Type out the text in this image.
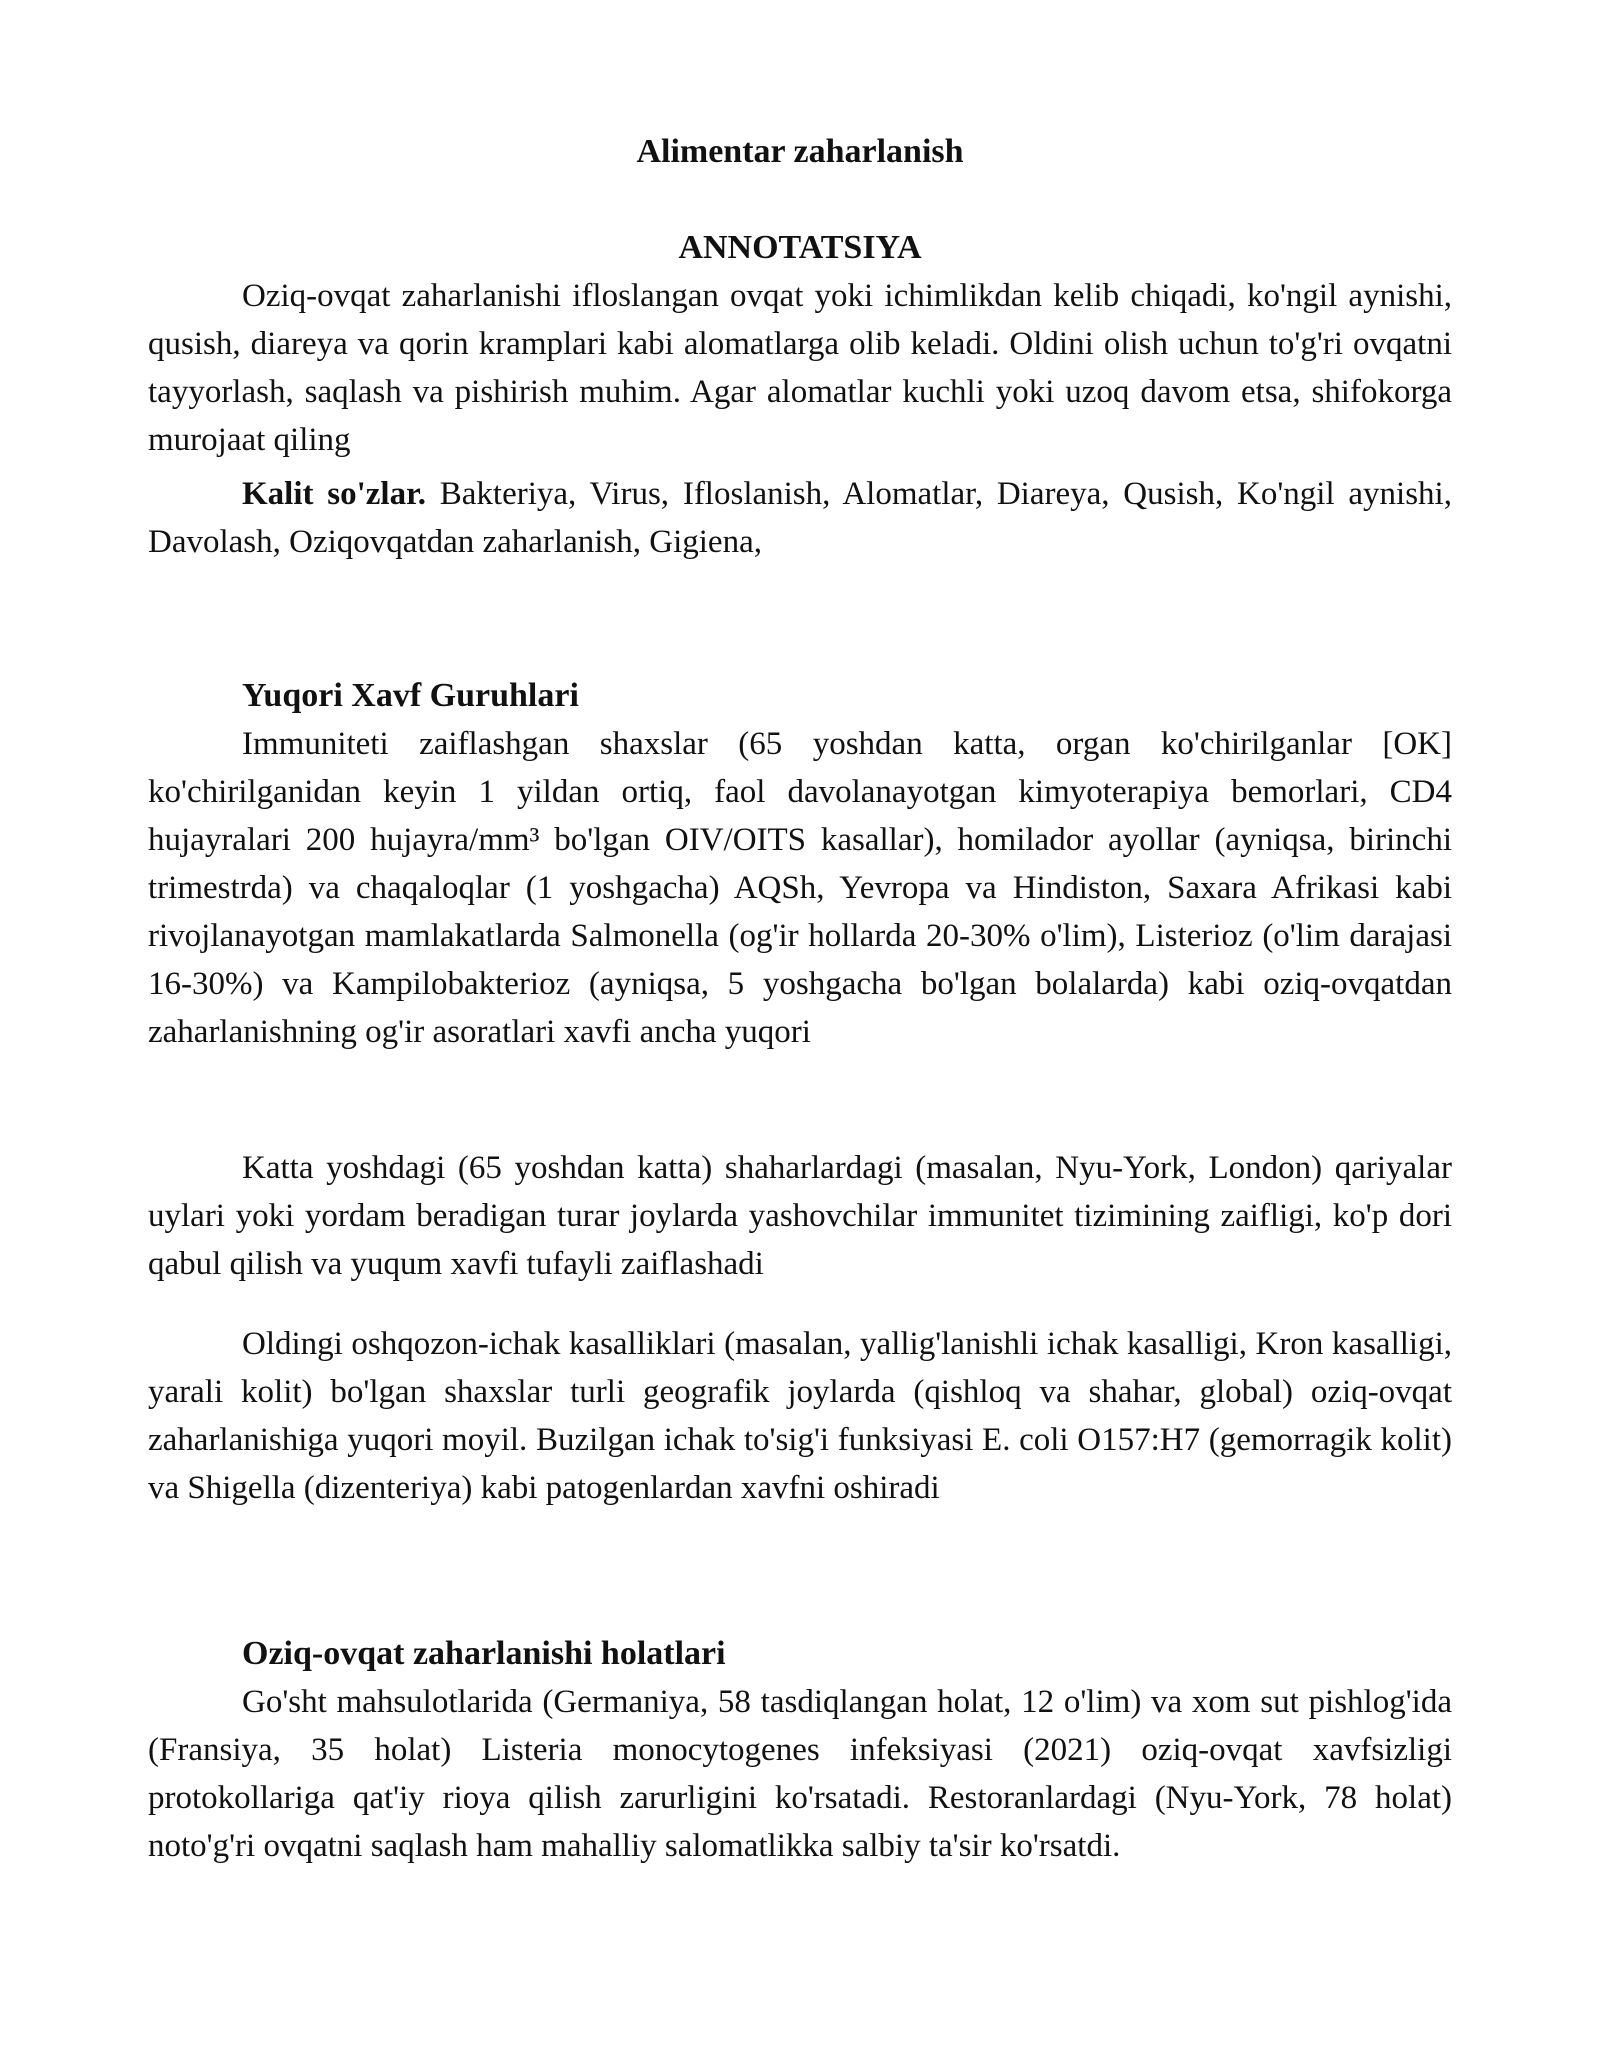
Alimentar zaharlanish

ANNOTATSIYA

Oziq-ovqat zaharlanishi ifloslangan ovqat yoki ichimlikdan kelib chiqadi, ko'ngil aynishi, qusish, diareya va qorin kramplari kabi alomatlarga olib keladi. Oldini olish uchun to'g'ri ovqatni tayyorlash, saqlash va pishirish muhim. Agar alomatlar kuchli yoki uzoq davom etsa, shifokorga murojaat qiling

Kalit so'zlar. Bakteriya, Virus, Ifloslanish, Alomatlar, Diareya, Qusish, Ko'ngil aynishi, Davolash, Oziqovqatdan zaharlanish, Gigiena,

Yuqori Xavf Guruhlari

Immuniteti zaiflashgan shaxslar (65 yoshdan katta, organ ko'chirilganlar [OK] ko'chirilganidan keyin 1 yildan ortiq, faol davolanayotgan kimyoterapiya bemorlari, CD4 hujayralari 200 hujayra/mm³ bo'lgan OIV/OITS kasallar), homilador ayollar (ayniqsa, birinchi trimestrda) va chaqaloqlar (1 yoshgacha) AQSh, Yevropa va Hindiston, Saxara Afrikasi kabi rivojlanayotgan mamlakatlarda Salmonella (og'ir hollarda 20-30% o'lim), Listerioz (o'lim darajasi 16-30%) va Kampilobakterioz (ayniqsa, 5 yoshgacha bo'lgan bolalarda) kabi oziq-ovqatdan zaharlanishning og'ir asoratlari xavfi ancha yuqori

Katta yoshdagi (65 yoshdan katta) shaharlardagi (masalan, Nyu-York, London) qariyalar uylari yoki yordam beradigan turar joylarda yashovchilar immunitet tizimining zaifligi, ko'p dori qabul qilish va yuqum xavfi tufayli zaiflashadi

Oldingi oshqozon-ichak kasalliklari (masalan, yallig'lanishli ichak kasalligi, Kron kasalligi, yarali kolit) bo'lgan shaxslar turli geografik joylarda (qishloq va shahar, global) oziq-ovqat zaharlanishiga yuqori moyil. Buzilgan ichak to'sig'i funksiyasi E. coli O157:H7 (gemorragik kolit) va Shigella (dizenteriya) kabi patogenlardan xavfni oshiradi

Oziq-ovqat zaharlanishi holatlari

Go'sht mahsulotlarida (Germaniya, 58 tasdiqlangan holat, 12 o'lim) va xom sut pishlog'ida (Fransiya, 35 holat) Listeria monocytogenes infeksiyasi (2021) oziq-ovqat xavfsizligi protokollariga qat'iy rioya qilish zarurligini ko'rsatadi. Restoranlardagi (Nyu-York, 78 holat) noto'g'ri ovqatni saqlash ham mahalliy salomatlikka salbiy ta'sir ko'rsatdi.
